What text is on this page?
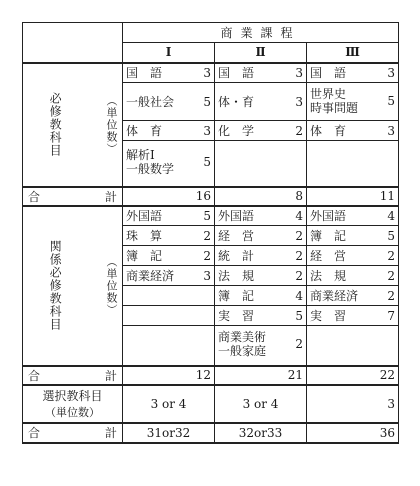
	商業課程		
	Ⅰ	Ⅱ	Ⅲ

必修教科目 （単位数）	国　語 3	国　語 3	国　語 3

	一般社会 5	体・育 3	世界史
時事問題 5

	体　育 3	化　学 2	体　育 3

	解析Ⅰ
一般数学 5		

合 計	16	8	11

関係必修教科目 （単位数）	外国語 5	外国語 4	外国語 4

	珠　算 2	経　営 2	簿　記 5

	簿　記 2	統　計 2	経　営 2

	商業経済 3	法　規 2	法　規 2

		簿　記 4	商業経済 2

		実　習 5	実　習 7

		商業美術
一般家庭 2	

合 計	12	21	22

選択教科目
（単位数）	3 or 4	3 or 4	3

合 計	31or32	32or33	36
